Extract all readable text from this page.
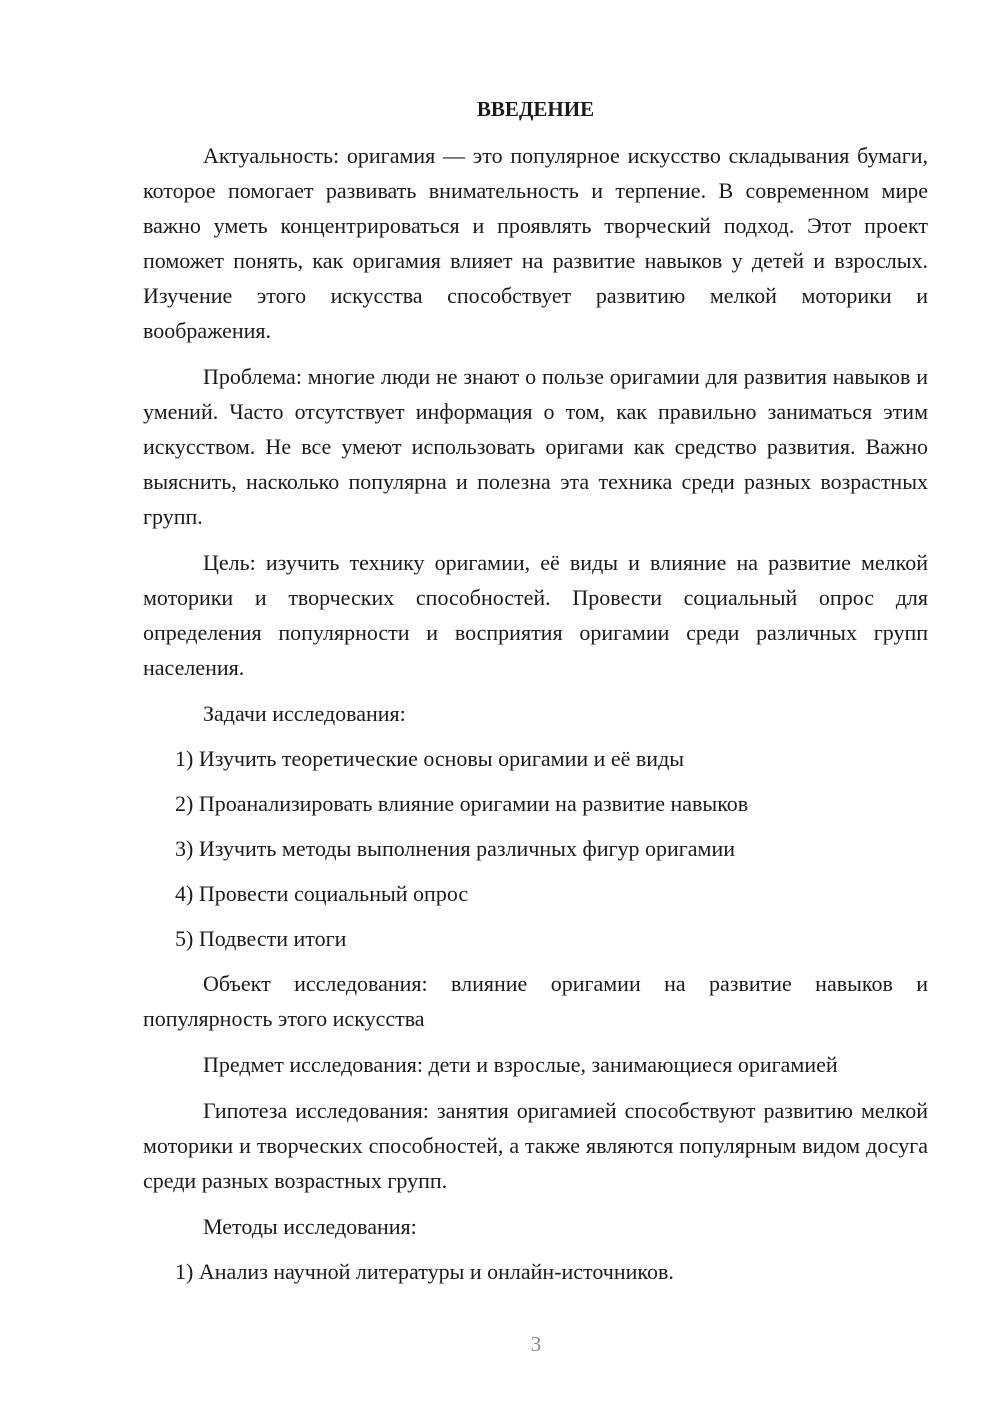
ВВЕДЕНИЕ

Актуальность: оригамия — это популярное искусство складывания бумаги, которое помогает развивать внимательность и терпение. В современном мире важно уметь концентрироваться и проявлять творческий подход. Этот проект поможет понять, как оригамия влияет на развитие навыков у детей и взрослых. Изучение этого искусства способствует развитию мелкой моторики и воображения.

Проблема: многие люди не знают о пользе оригамии для развития навыков и умений. Часто отсутствует информация о том, как правильно заниматься этим искусством. Не все умеют использовать оригами как средство развития. Важно выяснить, насколько популярна и полезна эта техника среди разных возрастных групп.

Цель: изучить технику оригамии, её виды и влияние на развитие мелкой моторики и творческих способностей. Провести социальный опрос для определения популярности и восприятия оригамии среди различных групп населения.

Задачи исследования:
1) Изучить теоретические основы оригамии и её виды
2) Проанализировать влияние оригамии на развитие навыков
3) Изучить методы выполнения различных фигур оригамии
4) Провести социальный опрос
5) Подвести итоги

Объект исследования: влияние оригамии на развитие навыков и популярность этого искусства

Предмет исследования: дети и взрослые, занимающиеся оригамией

Гипотеза исследования: занятия оригамией способствуют развитию мелкой моторики и творческих способностей, а также являются популярным видом досуга среди разных возрастных групп.

Методы исследования:
1) Анализ научной литературы и онлайн-источников.
3
